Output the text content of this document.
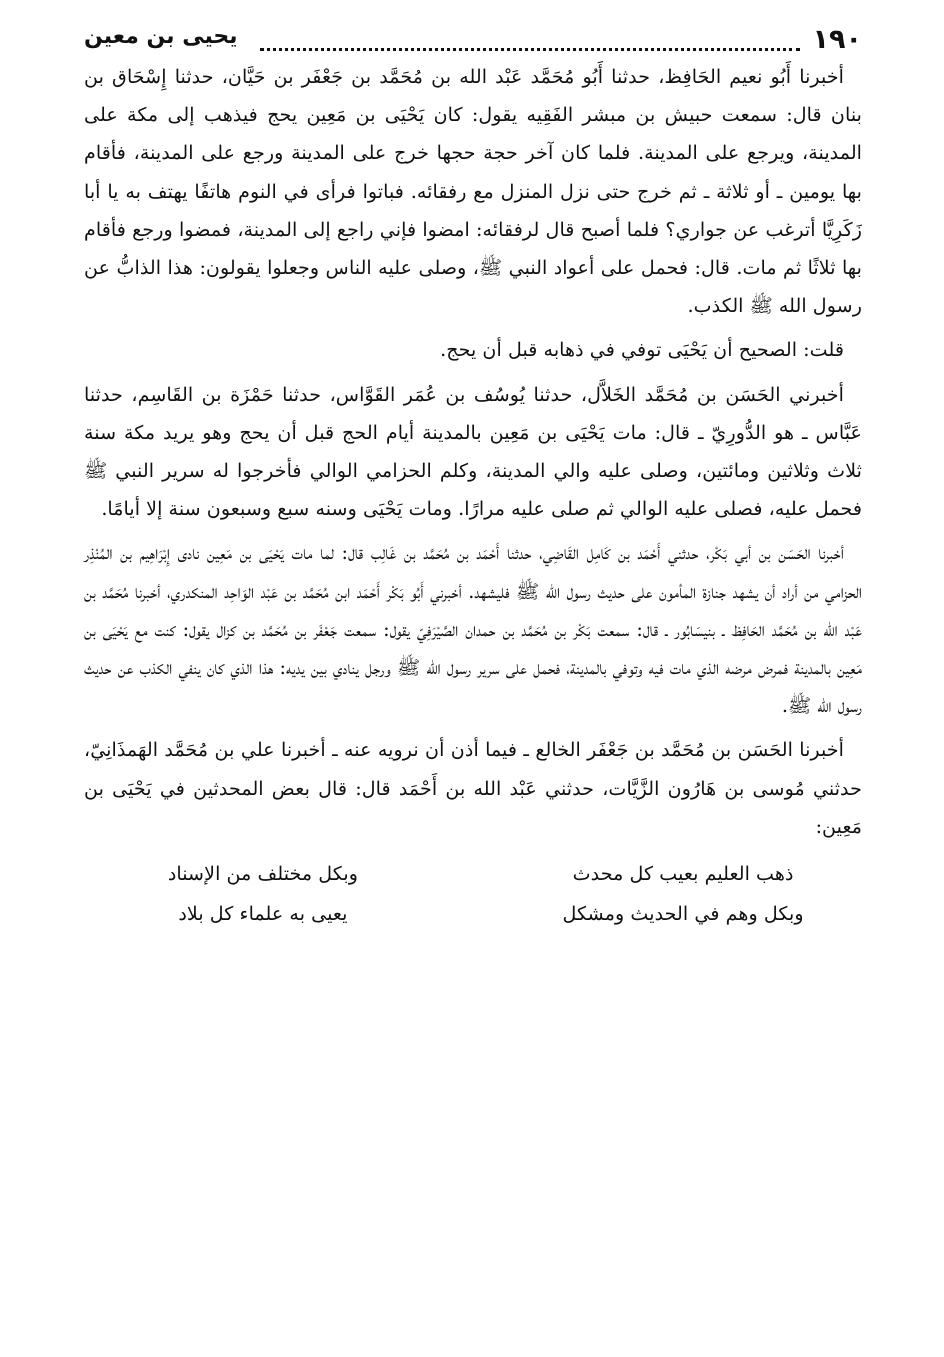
١٩٠
يحيى بن معين

أخبرنا أَبُو نعيم الحَافِظ، حدثنا أَبُو مُحَمَّد عَبْد الله بن مُحَمَّد بن جَعْفَر بن حَيَّان، حدثنا إِسْحَاق بن بنان قال: سمعت حبيش بن مبشر الفَقِيه يقول: كان يَحْيَى بن مَعِين يحج فيذهب إلى مكة على المدينة، ويرجع على المدينة. فلما كان آخر حجة حجها خرج على المدينة ورجع على المدينة، فأقام بها يومين ـ أو ثلاثة ـ ثم خرج حتى نزل المنزل مع رفقائه. فباتوا فرأى في النوم هاتفًا يهتف به يا أبا زَكَرِيَّا أترغب عن جواري؟ فلما أصبح قال لرفقائه: امضوا فإني راجع إلى المدينة، فمضوا ورجع فأقام بها ثلاثًا ثم مات. قال: فحمل على أعواد النبي ﷺ، وصلى عليه الناس وجعلوا يقولون: هذا الذابُّ عن رسول الله ﷺ الكذب.

قلت: الصحيح أن يَحْيَى توفي في ذهابه قبل أن يحج.

أخبرني الحَسَن بن مُحَمَّد الخَلاَّل، حدثنا يُوسُف بن عُمَر القَوَّاس، حدثنا حَمْزَة بن القَاسِم، حدثنا عَبَّاس ـ هو الدُّورِيّ ـ قال: مات يَحْيَى بن مَعِين بالمدينة أيام الحج قبل أن يحج وهو يريد مكة سنة ثلاث وثلاثين ومائتين، وصلى عليه والي المدينة، وكلم الحزامي الوالي فأخرجوا له سرير النبي ﷺ فحمل عليه، فصلى عليه الوالي ثم صلى عليه مرارًا. ومات يَحْيَى وسنه سبع وسبعون سنة إلا أيامًا.

أخبرنا الحَسَن بن أبي بَكْر، حدثني أَحْمَد بن كَامِل القَاضِي، حدثنا أَحْمَد بن مُحَمَّد بن غَالِب قال: لما مات يَحْيَى بن مَعِين نادى إِبْرَاهِيم بن المُنْذِر الحزامي من أراد أن يشهد جنازة المأمون على حديث رسول الله ﷺ فليشهد. أخبرني أَبُو بَكْر أَحْمَد ابن مُحَمَّد بن عَبْد الوَاحِد المنكدري، أخبرنا مُحَمَّد بن عَبْد الله بن مُحَمَّد الحَافِظ ـ بنيسَابُور ـ قال: سمعت بَكْر بن مُحَمَّد بن حمدان الصَّيْرَفِيّ يقول: سمعت جَعْفَر بن مُحَمَّد بن كزال يقول: كنت مع يَحْيَى بن مَعِين بالمدينة فمرض مرضه الذي مات فيه وتوفي بالمدينة، فحمل على سرير رسول الله ﷺ ورجل ينادي بين يديه: هذا الذي كان ينفي الكذب عن حديث رسول الله ﷺ.

أخبرنا الحَسَن بن مُحَمَّد بن جَعْفَر الخالع ـ فيما أذن أن نرويه عنه ـ أخبرنا علي بن مُحَمَّد الهَمذَانِيّ، حدثني مُوسى بن هَارُون الزَّيَّات، حدثني عَبْد الله بن أَحْمَد قال: قال بعض المحدثين في يَحْيَى بن مَعِين:

ذهب العليم بعيب كل محدث
وبكل مختلف من الإسناد
وبكل وهم في الحديث ومشكل
يعيى به علماء كل بلاد
